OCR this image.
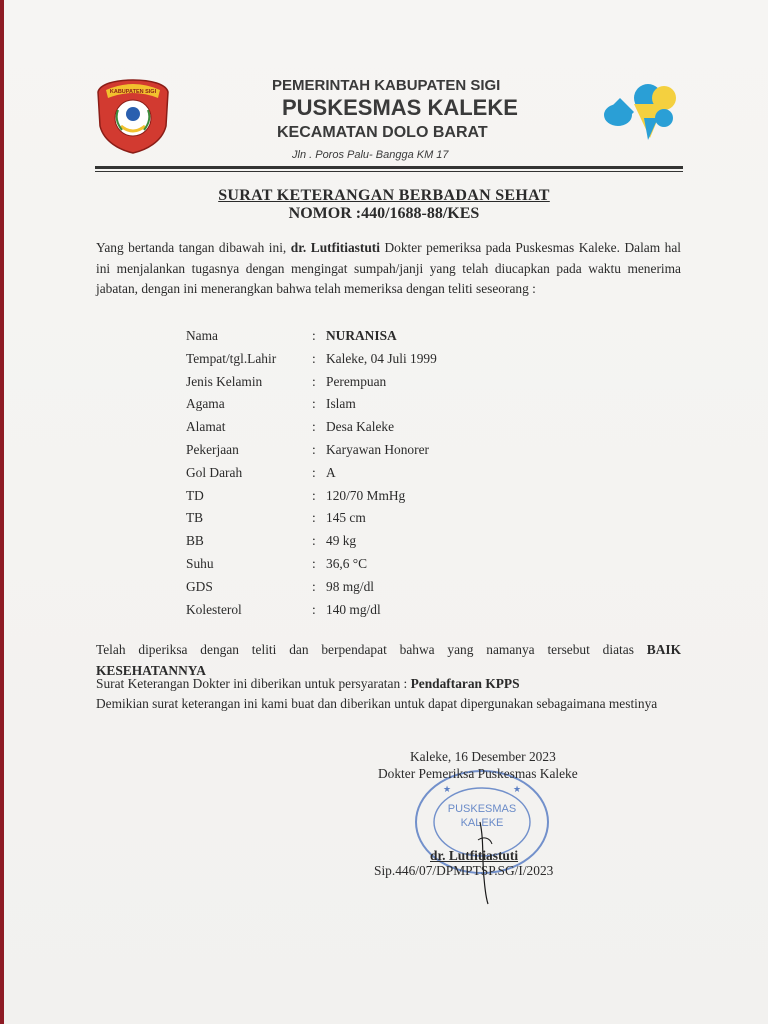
KABUPATEN SIGI	PEMERINTAH KABUPATEN SIGI
PUSKESMAS KALEKE
KECAMATAN DOLO BARAT
Jln . Poros Palu- Bangga KM 17
SURAT KETERANGAN BERBADAN SEHAT
NOMOR :440/1688-88/KES
Yang bertanda tangan dibawah ini, dr. Lutfitiastuti Dokter pemeriksa pada Puskesmas Kaleke. Dalam hal ini menjalankan tugasnya dengan mengingat sumpah/janji yang telah diucapkan pada waktu menerima jabatan, dengan ini menerangkan bahwa telah memeriksa dengan teliti seseorang :
Nama	:	NURANISA
Tempat/tgl.Lahir	:	Kaleke, 04 Juli 1999
Jenis Kelamin	:	Perempuan
Agama	:	Islam
Alamat	:	Desa Kaleke
Pekerjaan	:	Karyawan Honorer
Gol Darah	:	A
TD	:	120/70 MmHg
TB	:	145 cm
BB	:	49 kg
Suhu	:	36,6 °C
GDS	:	98 mg/dl
Kolesterol	:	140 mg/dl
Telah diperiksa dengan teliti dan berpendapat bahwa yang namanya tersebut diatas BAIK KESEHATANNYA
Surat Keterangan Dokter ini diberikan untuk persyaratan : Pendaftaran KPPS
Demikian surat keterangan ini kami buat dan diberikan untuk dapat dipergunakan sebagaimana mestinya
PUSKESMAS
KALEKE
★	★
Kaleke, 16 Desember 2023
Dokter Pemeriksa Puskesmas Kaleke
dr. Lutfitiastuti
Sip.446/07/DPMPTSP.SG/I/2023
